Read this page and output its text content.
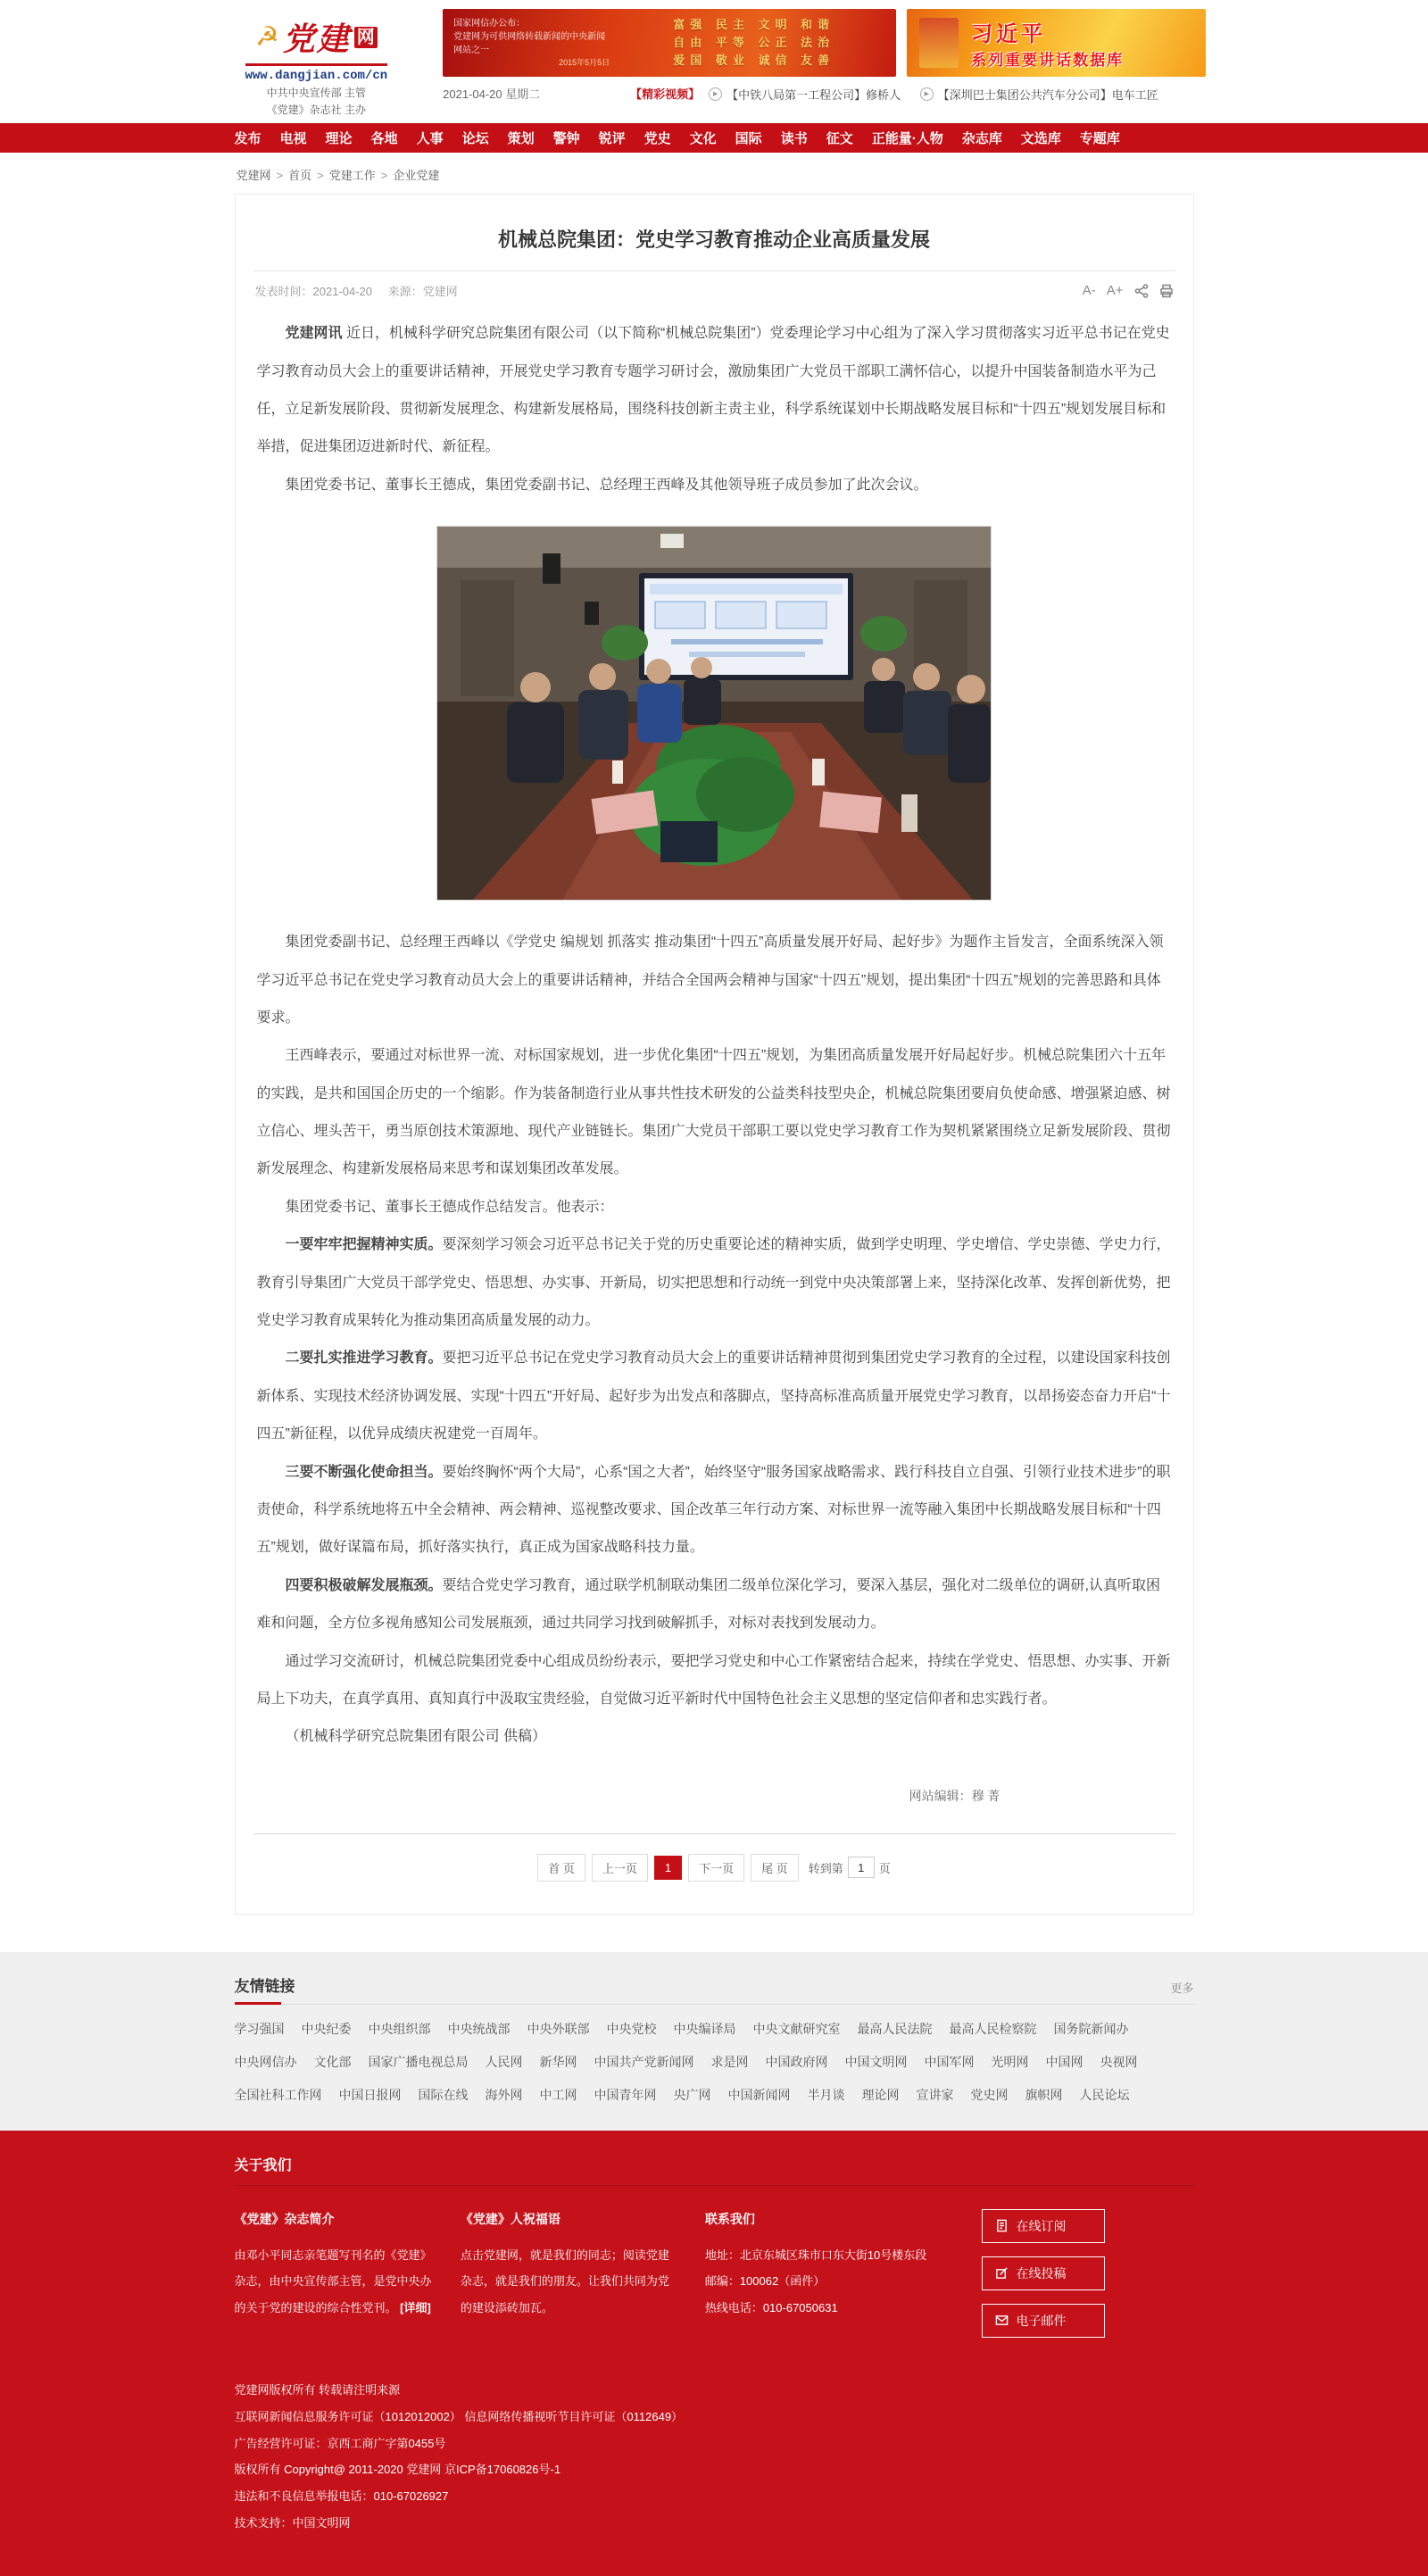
☭ 党建 网
www.dangjian.com/cn
中共中央宣传部 主管
《党建》杂志社 主办
国家网信办公布：
党建网为可供网络转载新闻的中央新闻网站之一
2015年5月5日
富强 民主 文明 和谐
自由 平等 公正 法治
爱国 敬业 诚信 友善
习近平
系列重要讲话数据库
2021-04-20 星期二	【精彩视频】	▶ 【中铁八局第一工程公司】修桥人
	▶ 【深圳巴士集团公共汽车分公司】电车工匠
发布 电视 理论 各地 人事 论坛 策划 警钟 锐评 党史 文化 国际 读书 征文 正能量·人物 杂志库 文选库 专题库
党建网 > 首页 > 党建工作 > 企业党建
机械总院集团：党史学习教育推动企业高质量发展
发表时间：2021-04-20 来源：党建网	A- A+

党建网讯 近日，机械科学研究总院集团有限公司（以下简称“机械总院集团”）党委理论学习中心组为了深入学习贯彻落实习近平总书记在党史学习教育动员大会上的重要讲话精神，开展党史学习教育专题学习研讨会，激励集团广大党员干部职工满怀信心，以提升中国装备制造水平为己任，立足新发展阶段、贯彻新发展理念、构建新发展格局，围绕科技创新主责主业，科学系统谋划中长期战略发展目标和“十四五”规划发展目标和举措，促进集团迈进新时代、新征程。

集团党委书记、董事长王德成，集团党委副书记、总经理王西峰及其他领导班子成员参加了此次会议。

集团党委副书记、总经理王西峰以《学党史 编规划 抓落实 推动集团“十四五”高质量发展开好局、起好步》为题作主旨发言，全面系统深入领学习近平总书记在党史学习教育动员大会上的重要讲话精神，并结合全国两会精神与国家“十四五”规划，提出集团“十四五”规划的完善思路和具体要求。

王西峰表示，要通过对标世界一流、对标国家规划，进一步优化集团“十四五”规划，为集团高质量发展开好局起好步。机械总院集团六十五年的实践，是共和国国企历史的一个缩影。作为装备制造行业从事共性技术研发的公益类科技型央企，机械总院集团要肩负使命感、增强紧迫感、树立信心、埋头苦干，勇当原创技术策源地、现代产业链链长。集团广大党员干部职工要以党史学习教育工作为契机紧紧围绕立足新发展阶段、贯彻新发展理念、构建新发展格局来思考和谋划集团改革发展。

集团党委书记、董事长王德成作总结发言。他表示：

一要牢牢把握精神实质。要深刻学习领会习近平总书记关于党的历史重要论述的精神实质，做到学史明理、学史增信、学史崇德、学史力行，教育引导集团广大党员干部学党史、悟思想、办实事、开新局，切实把思想和行动统一到党中央决策部署上来，坚持深化改革、发挥创新优势，把党史学习教育成果转化为推动集团高质量发展的动力。

二要扎实推进学习教育。要把习近平总书记在党史学习教育动员大会上的重要讲话精神贯彻到集团党史学习教育的全过程，以建设国家科技创新体系、实现技术经济协调发展、实现“十四五”开好局、起好步为出发点和落脚点，坚持高标准高质量开展党史学习教育，以昂扬姿态奋力开启“十四五”新征程，以优异成绩庆祝建党一百周年。

三要不断强化使命担当。要始终胸怀“两个大局”，心系“国之大者”，始终坚守“服务国家战略需求、践行科技自立自强、引领行业技术进步”的职责使命，科学系统地将五中全会精神、两会精神、巡视整改要求、国企改革三年行动方案、对标世界一流等融入集团中长期战略发展目标和“十四五”规划，做好谋篇布局，抓好落实执行，真正成为国家战略科技力量。

四要积极破解发展瓶颈。要结合党史学习教育，通过联学机制联动集团二级单位深化学习，要深入基层，强化对二级单位的调研,认真听取困难和问题，全方位多视角感知公司发展瓶颈，通过共同学习找到破解抓手，对标对表找到发展动力。

通过学习交流研讨，机械总院集团党委中心组成员纷纷表示，要把学习党史和中心工作紧密结合起来，持续在学党史、悟思想、办实事、开新局上下功夫，在真学真用、真知真行中汲取宝贵经验，自觉做习近平新时代中国特色社会主义思想的坚定信仰者和忠实践行者。

（机械科学研究总院集团有限公司 供稿）

网站编辑：穆 菁
首 页	上一页	1	下一页	尾 页	转到第
1	页
友情链接	更多
学习强国 中央纪委 中央组织部 中央统战部 中央外联部 中央党校 中央编译局 中央文献研究室 最高人民法院 最高人民检察院 国务院新闻办
中央网信办 文化部 国家广播电视总局 人民网 新华网 中国共产党新闻网 求是网 中国政府网 中国文明网 中国军网 光明网 中国网 央视网
全国社科工作网 中国日报网 国际在线 海外网 中工网 中国青年网 央广网 中国新闻网 半月谈 理论网 宣讲家 党史网 旗帜网 人民论坛
关于我们
《党建》杂志简介
由邓小平同志亲笔题写刊名的《党建》杂志，由中央宣传部主管，是党中央办的关于党的建设的综合性党刊。 [详细]
《党建》人祝福语
点击党建网，就是我们的同志；阅读党建杂志，就是我们的朋友。让我们共同为党的建设添砖加瓦。
联系我们
地址：北京东城区珠市口东大街10号楼东段
邮编：100062（函件）
热线电话：010-67050631
在线订阅
在线投稿
电子邮件
党建网版权所有 转载请注明来源
互联网新闻信息服务许可证（1012012002） 信息网络传播视听节目许可证（0112649）
广告经营许可证：京西工商广字第0455号
版权所有 Copyright@ 2011-2020 党建网 京ICP备17060826号-1
违法和不良信息举报电话：010-67026927
技术支持：中国文明网
